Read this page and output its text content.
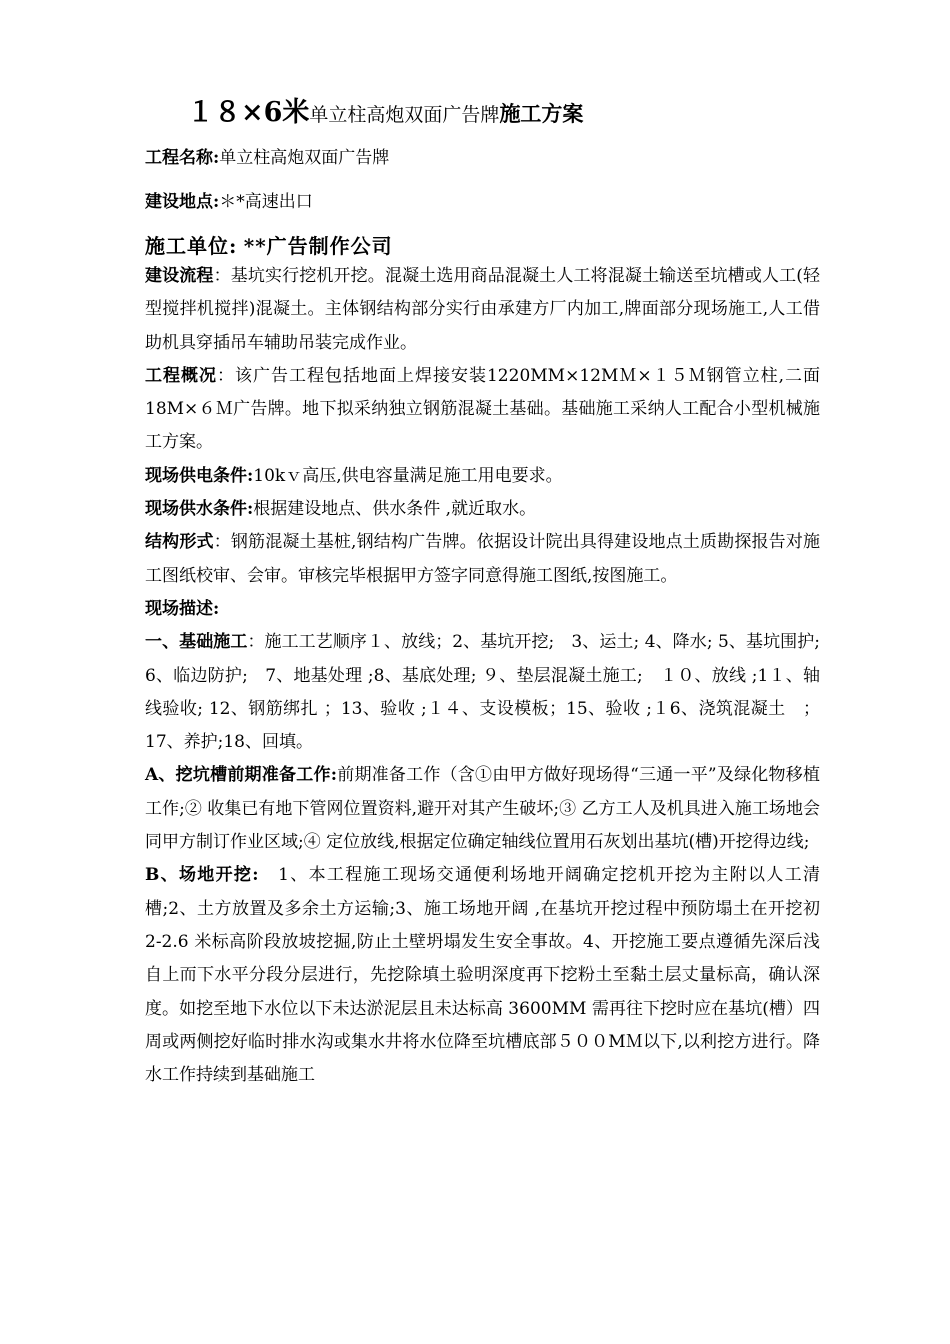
１８×6米单立柱高炮双面广告牌施工方案
工程名称:单立柱高炮双面广告牌
建设地点:＊*高速出口
施工单位: **广告制作公司

建设流程：基坑实行挖机开挖。混凝土选用商品混凝土人工将混凝土输送至坑槽或人工(轻型搅拌机搅拌)混凝土。主体钢结构部分实行由承建方厂内加工,牌面部分现场施工,人工借助机具穿插吊车辅助吊装完成作业。

工程概况：该广告工程包括地面上焊接安装1220MM×12MＭ×１５Ｍ钢管立柱,二面18M×６Ｍ广告牌。地下拟采纳独立钢筋混凝土基础。基础施工采纳人工配合小型机械施工方案。

现场供电条件:10kｖ高压,供电容量满足施工用电要求。

现场供水条件:根据建设地点、供水条件 ,就近取水。

结构形式：钢筋混凝土基桩,钢结构广告牌。依据设计院出具得建设地点土质勘探报告对施工图纸校审、会审。审核完毕根据甲方签字同意得施工图纸,按图施工。

现场描述:

一、基础施工：施工工艺顺序１、放线；2、基坑开挖;　3、运土; 4、降水; 5、基坑围护; 6、临边防护;　7、地基处理 ;8、基底处理; ９、垫层混凝土施工;　１０、放线 ;1１、轴线验收; 12、钢筋绑扎 ；13、验收 ;１４、支设模板；15、验收 ;１6、浇筑混凝土　；17、养护;18、回填。

A、挖坑槽前期准备工作:前期准备工作（含①由甲方做好现场得“三通一平”及绿化物移植工作;② 收集已有地下管网位置资料,避开对其产生破坏;③ 乙方工人及机具进入施工场地会同甲方制订作业区域;④ 定位放线,根据定位确定轴线位置用石灰划出基坑(槽)开挖得边线;

B、场地开挖:　1、本工程施工现场交通便利场地开阔确定挖机开挖为主附以人工清槽;2、土方放置及多余土方运输;3、施工场地开阔 ,在基坑开挖过程中预防塌土在开挖初 2-2.6 米标高阶段放坡挖掘,防止土壁坍塌发生安全事故。4、开挖施工要点遵循先深后浅自上而下水平分段分层进行，先挖除填土验明深度再下挖粉土至黏土层丈量标高，确认深度。如挖至地下水位以下未达淤泥层且未达标高 3600MM 需再往下挖时应在基坑(槽）四周或两侧挖好临时排水沟或集水井将水位降至坑槽底部５００MＭ以下,以利挖方进行。降水工作持续到基础施工
